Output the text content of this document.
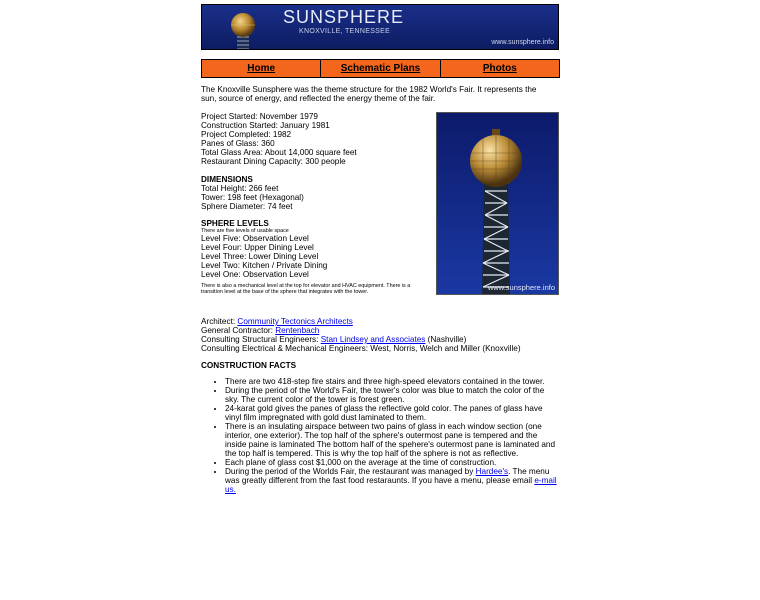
SUNSPHERE
KNOXVILLE, TENNESSEE
www.sunsphere.info
Home	Schematic Plans	Photos
The Knoxville Sunsphere was the theme structure for the 1982 World's Fair. It represents the sun, source of energy, and reflected the energy theme of the fair.
Project Started: November 1979
Construction Started: January 1981
Project Completed: 1982
Panes of Glass: 360
Total Glass Area: About 14,000 square feet
Restaurant Dining Capacity: 300 people
DIMENSIONS
Total Height: 266 feet
Tower: 198 feet (Hexagonal)
Sphere Diameter: 74 feet
SPHERE LEVELS
There are five levels of usable space
Level Five: Observation Level
Level Four: Upper Dining Level
Level Three: Lower Dining Level
Level Two: Kitchen / Private Dining
Level One: Observation Level
There is also a mechanical level at the top for elevator and HVAC equipment. There is a
transition level at the base of the sphere that integrates with the tower.	www.sunsphere.info
Architect: Community Tectonics Architects
General Contractor: Rentenbach
Consulting Structural Engineers: Stan Lindsey and Associates (Nashville)
Consulting Electrical & Mechanical Engineers: West, Norris, Welch and Miller (Knoxville)
CONSTRUCTION FACTS
• There are two 418-step fire stairs and three high-speed elevators contained in the tower.
• During the period of the World's Fair, the tower's color was blue to match the color of the sky. The current color of the tower is forest green.
• 24-karat gold gives the panes of glass the reflective gold color. The panes of glass have vinyl film impregnated with gold dust laminated to them.
• There is an insulating airspace between two pains of glass in each window section (one interior, one exterior). The top half of the sphere's outermost pane is tempered and the inside paine is laminated The bottom half of the spehere's outermost pane is laminated and the top half is tempered. This is why the top half of the sphere is not as reflective.
• Each plane of glass cost $1,000 on the average at the time of construction.
• During the period of the Worlds Fair, the restaurant was managed by Hardee's. The menu was greatly different from the fast food restaraunts. If you have a menu, please email e-mail us.
